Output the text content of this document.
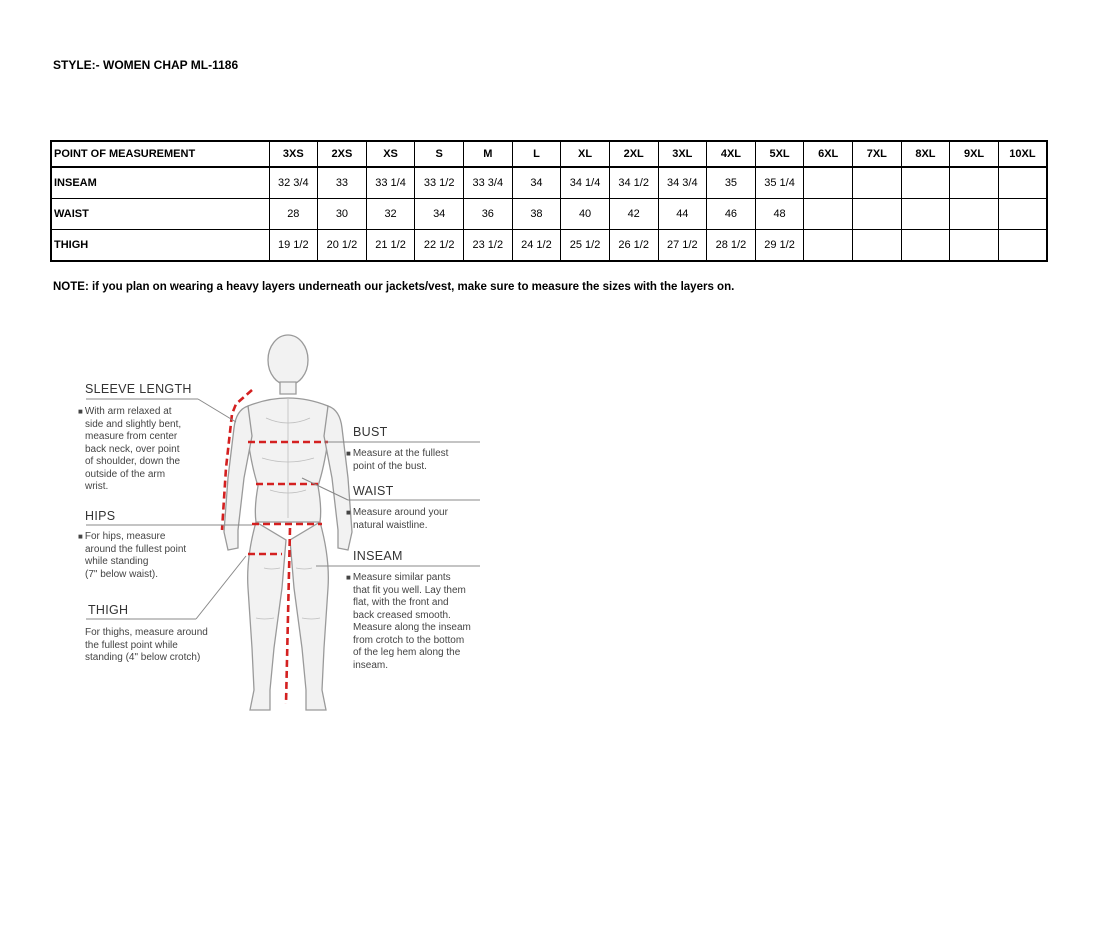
STYLE:- WOMEN CHAP ML-1186
POINT OF MEASUREMENT	3XS	2XS	XS	S	M	L	XL	2XL	3XL	4XL	5XL	6XL	7XL	8XL	9XL	10XL
INSEAM	32 3/4	33	33 1/4	33 1/2	33 3/4	34	34 1/4	34 1/2	34 3/4	35	35 1/4					
WAIST	28	30	32	34	36	38	40	42	44	46	48					
THIGH	19 1/2	20 1/2	21 1/2	22 1/2	23 1/2	24 1/2	25 1/2	26 1/2	27 1/2	28 1/2	29 1/2					
NOTE: if you plan on wearing a heavy layers underneath our jackets/vest, make sure to measure the sizes with the layers on.
SLEEVE LENGTH
■ With arm relaxed at
side and slightly bent,
measure from center
back neck, over point
of shoulder, down the
outside of the arm
wrist.
HIPS
■ For hips, measure
around the fullest point
while standing
(7" below waist).
THIGH
For thighs, measure around
the fullest point while
standing (4" below crotch)
BUST
■ Measure at the fullest
point of the bust.
WAIST
■ Measure around your
natural waistline.
INSEAM
■ Measure similar pants
that fit you well. Lay them
flat, with the front and
back creased smooth.
Measure along the inseam
from crotch to the bottom
of the leg hem along the
inseam.
